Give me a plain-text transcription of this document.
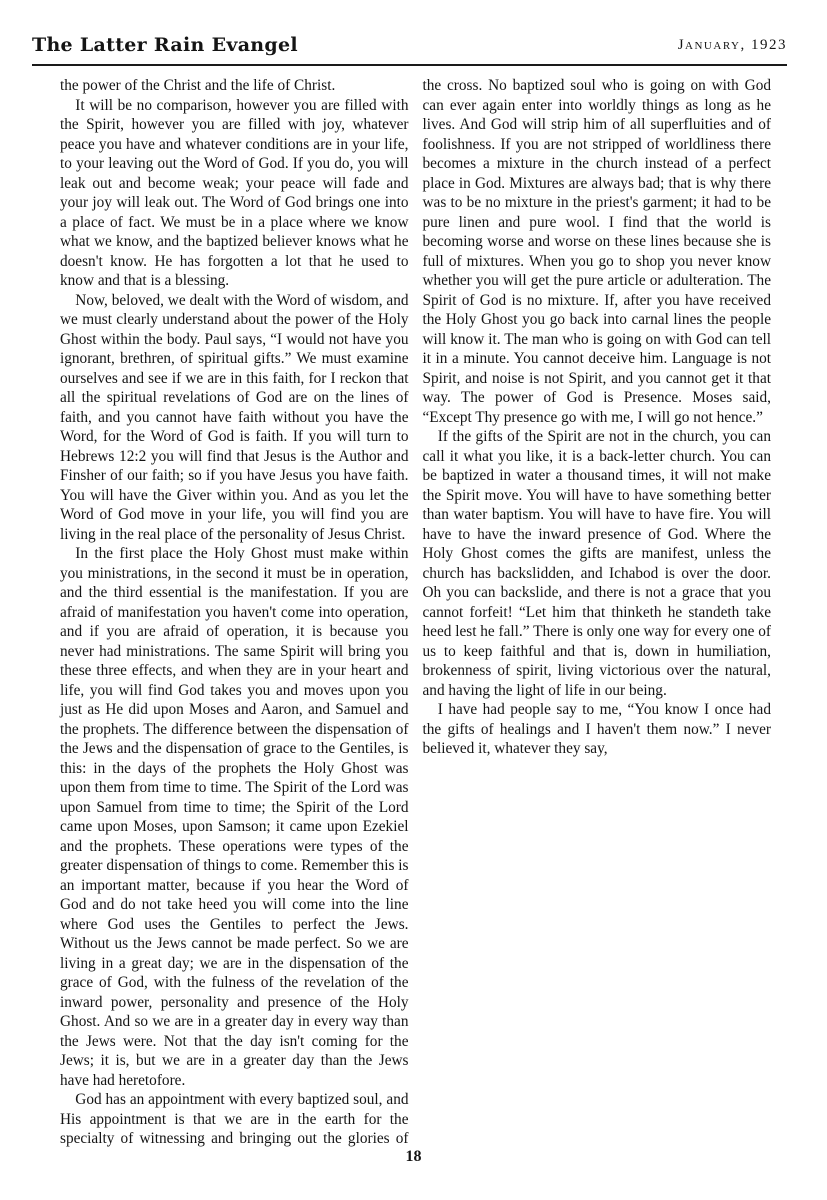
The Latter Rain Evangel	January, 1923

the power of the Christ and the life of Christ.

It will be no comparison, however you are filled with the Spirit, however you are filled with joy, whatever peace you have and whatever conditions are in your life, to your leaving out the Word of God. If you do, you will leak out and become weak; your peace will fade and your joy will leak out. The Word of God brings one into a place of fact. We must be in a place where we know what we know, and the baptized believer knows what he doesn't know. He has forgotten a lot that he used to know and that is a blessing.

Now, beloved, we dealt with the Word of wisdom, and we must clearly understand about the power of the Holy Ghost within the body. Paul says, “I would not have you ignorant, brethren, of spiritual gifts.” We must examine ourselves and see if we are in this faith, for I reckon that all the spiritual revelations of God are on the lines of faith, and you cannot have faith without you have the Word, for the Word of God is faith. If you will turn to Hebrews 12:2 you will find that Jesus is the Author and Finsher of our faith; so if you have Jesus you have faith. You will have the Giver within you. And as you let the Word of God move in your life, you will find you are living in the real place of the personality of Jesus Christ.

In the first place the Holy Ghost must make within you ministrations, in the second it must be in operation, and the third essential is the manifestation. If you are afraid of manifestation you haven't come into operation, and if you are afraid of operation, it is because you never had ministrations. The same Spirit will bring you these three effects, and when they are in your heart and life, you will find God takes you and moves upon you just as He did upon Moses and Aaron, and Samuel and the prophets. The difference between the dispensation of the Jews and the dispensation of grace to the Gentiles, is this: in the days of the prophets the Holy Ghost was upon them from time to time. The Spirit of the Lord was upon Samuel from time to time; the Spirit of the Lord came upon Moses, upon Samson; it came upon Ezekiel and the prophets. These operations were types of the greater dispensation of things to come. Remember this is an important matter, because if you hear the Word of God and do not take heed you will come into the line where God uses the Gentiles to perfect the Jews. Without us the Jews cannot be made perfect. So we are living in a great day; we are in the dispensation of the grace of God, with the fulness of the revelation of the inward power, personality and presence of the Holy Ghost. And so we are in a greater day in every way than the Jews were. Not that the day isn't coming for the Jews; it is, but we are in a greater day than the Jews have had heretofore.

God has an appointment with every baptized soul, and His appointment is that we are in the earth for the specialty of witnessing and bringing out the glories of the cross. No baptized soul who is going on with God can ever again enter into worldly things as long as he lives. And God will strip him of all superfluities and of foolishness. If you are not stripped of worldliness there becomes a mixture in the church instead of a perfect place in God. Mixtures are always bad; that is why there was to be no mixture in the priest's garment; it had to be pure linen and pure wool. I find that the world is becoming worse and worse on these lines because she is full of mixtures. When you go to shop you never know whether you will get the pure article or adulteration. The Spirit of God is no mixture. If, after you have received the Holy Ghost you go back into carnal lines the people will know it. The man who is going on with God can tell it in a minute. You cannot deceive him. Language is not Spirit, and noise is not Spirit, and you cannot get it that way. The power of God is Presence. Moses said, “Except Thy presence go with me, I will go not hence.”

If the gifts of the Spirit are not in the church, you can call it what you like, it is a back-letter church. You can be baptized in water a thousand times, it will not make the Spirit move. You will have to have something better than water baptism. You will have to have fire. You will have to have the inward presence of God. Where the Holy Ghost comes the gifts are manifest, unless the church has backslidden, and Ichabod is over the door. Oh you can backslide, and there is not a grace that you cannot forfeit! “Let him that thinketh he standeth take heed lest he fall.” There is only one way for every one of us to keep faithful and that is, down in humiliation, brokenness of spirit, living victorious over the natural, and having the light of life in our being.

I have had people say to me, “You know I once had the gifts of healings and I haven't them now.” I never believed it, whatever they say,

18
